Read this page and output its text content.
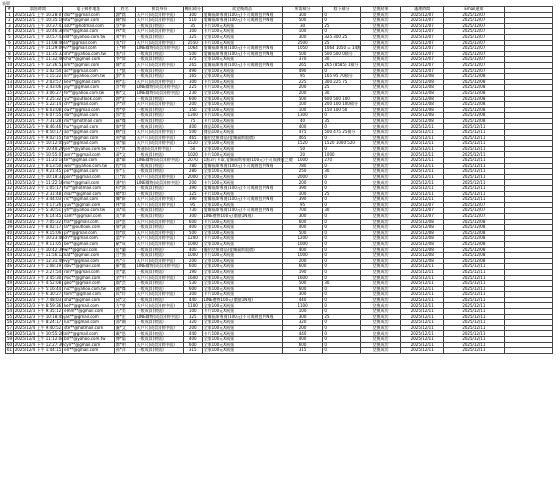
表單
#	填寫時間	電子郵件地址	姓名	會員身份	轉出積分	欲兌換商品	所需積分	餘下積分	兌換結果	處理時間	Email通知	
1	2025/12/1 上午 10:28:07	dxr**@gmail.com	謝*銘	天戶尺(成員)(初中級)	300	愛爾福斯專賣(100元)不可與錢包共N週	300	0	兌換成功	2025/12/07	2025/12/07	
2	2025/12/1 上午 10:35:10	stu**@gmail.com	陳*國	天戶尺(成員)(初中級)	510	愛爾福斯專賣(100元)不可與錢包共N週	500	0	兌換成功	2025/12/07	2025/12/07	
3	2025/12/1 上午 10:37:41	ss0**@hotmail.com	蔡*華	一般成員(初級)	35	卡片100元X兩張	30	25	兌換成功	2025/12/07	2025/12/07	
4	2025/12/1 上午 10:46:38	mi**@gmail.com	林*英	天戶尺(成員)(初中級)	100	卡片100元X兩張	100	0	兌換成功	2025/12/07	2025/12/07	
5	2025/12/1 上午 10:57:43	dd**@yahoo.com.tw	黃*明	一般成員(初級)	325	全家100元X兩張	300	325 300 25	兌換成功	2025/12/07	2025/12/07	
6	2025/12/1 上午 11:08:46	la**@gmail.com	吳*玲	天戶尺(成員)(初中級)	2550	卡片100元X兩張	2500	25	兌換成功	2025/12/07	2025/12/07	
7	2025/12/1 上午 11:29:09	vi**@gmail.com	王*輝	LINE購物(成員)(初中級)	1064	愛爾福斯專賣(100元)不可與錢包共N週	1050	1064 1050 = 14點	兌換成功	2025/12/07	2025/12/07	
8	2025/12/1 上午 11:35:32	shi**@yahoo.com.tw	張*萍	一般成員(初級)	500	愛爾福斯專賣(100元)不可與錢包共N週	500	500 500 0積分	兌換成功	2025/12/07	2025/12/07	
9	2025/12/1 上午 11:32:40	cha**@gmail.com	李*偉	一般成員(初級)	375	全家100元X兩張	370	30	兌換成功	2025/12/07	2025/12/07	
10	2025/12/1 下午 12:36:51	km**@gmail.com	陳*君	天戶尺(成員)(初中級)	265	愛爾福斯專賣(100元)不可與錢包共N週	265	265 (8585) 1積分	兌換成功	2025/12/07	2025/12/07	
11	2025/12/1 下午 1:02:54	ac**@gmail.com	王*凱	一般成員(初級)	490	全家100元X兩張	490	0	兌換成功	2025/12/07	2025/12/07	
12	2025/12/1 下午 1:15:22	lin**@yahoo.com.tw	劉*芳	一般成員(初級)	165	全家100元X兩張	95	165 95 70積分	兌換成功	2025/12/08	2025/12/08	
13	2025/12/1 下午 2:03:57	kev**@gmail.com	楊*志	天戶尺(成員)(初中級)	300	卡片100元X兩張	225	300 225 75	兌換成功	2025/12/08	2025/12/08	
14	2025/12/1 下午 2:43:06	joy**@gmail.com	許*婷	LINE購物(成員)(初中級)	225	卡片100元X兩張	200	25	兌換成功	2025/12/08	2025/12/08	
15	2025/12/1 下午 3:06:27	fe**@yahoo.com.tw	鄭*文	LINE購物(成員)(初中級)	230	全家100元X兩張	200	30	兌換成功	2025/12/08	2025/12/08	
16	2025/12/1 下午 3:25:32	yu**@outlook.com	謝*宏	一般成員(初級)	600	全家100元X兩張	500	600 500 100	兌換成功	2025/12/08	2025/12/08	
17	2025/12/1 下午 5:22:14	ch**@gmail.com	洪*珍	天戶尺(成員)(初中級)	200	全家100元X兩張	100	200 100 100積分	兌換成功	2025/12/08	2025/12/08	
18	2025/12/1 下午 6:03:08	cwi**@gmail.com	曾*豪	一般成員(初級)	150	全家100元X兩張	100	150 100 50	兌換成功	2025/12/08	2025/12/08	
19	2025/12/1 下午 6:07:55	da**@gmail.com	郭*雯	一般成員(初級)	1300	卡片100元X兩張	1300	0	兌換成功	2025/12/08	2025/12/08	
20	2025/12/1 下午 7:31:28	mi**@hotmail.com	蘇*傑	一般成員(初級)	75	卡片100元X兩張	40	35	兌換成功	2025/12/08	2025/12/08	
21	2025/12/1 下午 8:46:46	hu**@gmail.com	廖*慧	一般成員(初級)	400	商品100元X兩張	400	0	兌換成功	2025/12/11	2025/12/11	
22	2025/12/1 下午 8:50:17	an**@gmail.com	賴*達	天戶尺(成員)(初中級)	500	商品100元X兩張	475	500 475 25積分	兌換成功	2025/12/11	2025/12/11	
23	2025/12/1 下午 9:02:15	tin**@gmail.com	周*儀	天戶尺(成員)(初中級)	465	擺拍兌換商品(愛爾福斯限價)	465	0	兌換成功	2025/12/11	2025/12/11	
24	2025/12/1 下午 10:12:05	yo**@gmail.com	葉*倫	天戶尺(成員)(初中級)	1520	全家100元X兩張	1520	1520 1000 520	兌換成功	2025/12/11	2025/12/11	
25	2025/12/1 下午 10:40:29	jen**@yahoo.com.tw	呂*真	普通(成員)(初中級)	50	全家100元X兩張	50	0	兌換成功	2025/12/11	2025/12/11	
26	2025/12/1 下午 10:55:07	ann**@gmail.com	蔣*文	一般成員(初級)	1020	卡片100元X兩張	20	1000	兌換成功	2025/12/11	2025/12/11	
27	2025/12/1 下午 11:21:14	te**@gmail.com	蕭*雄	LINE購物(成員)(初中級)	2070	1點3片卡取,愛爾福斯專賣(100元)不可與錢包之總	1000	270	兌換成功	2025/12/11	2025/12/11	
28	2025/12/2 上午 8:13:50	wei**@yahoo.com.tw	程*翔	一般成員(初級)	780	愛爾福斯專賣(100元)不可與錢包共N週	780	0	兌換成功	2025/12/11	2025/12/11	
29	2025/12/2 上午 9:21:45	pe**@gmail.com	彭*玉	一般成員(初級)	280	全家100元X兩張	250	30	兌換成功	2025/12/11	2025/12/11	
30	2025/12/2 上午 10:18:33	pon**@gmail.com	江*霖	天戶尺(成員)(初中級)	2000	全家100元X兩張	2000	0	兌換成功	2025/12/11	2025/12/11	
31	2025/12/2 上午 11:22:16	mo**@gmail.com	潘*怡	LINE購物(成員)(初中級)	200	卡片100元X兩張	200	0	兌換成功	2025/12/11	2025/12/11	
32	2025/12/2 下午 1:05:17	fu**@hotmail.com	柯*銘	一般成員(初級)	390	愛爾福斯專賣(100元)不可與錢包共N週	390	0	兌換成功	2025/12/11	2025/12/11	
33	2025/12/2 下午 2:31:48	mar**@gmail.com	韓*如	一般成員(初級)	125	卡片100元X兩張	100	25	兌換成功	2025/12/11	2025/12/11	
34	2025/12/2 下午 3:44:03	ric**@gmail.com	龔*新	天戶尺(成員)(初中級)	390	愛爾福斯專賣(100元)不可與錢包共N週	390	0	兌換成功	2025/12/11	2025/12/11	
35	2025/12/2 下午 4:17:26	yuv**@gmail.com	林*偉	天戶尺(成員)(初中級)	95	全家100元X兩張	95	0	兌換成功	2025/12/07	2025/12/07	
36	2025/12/2 下午 5:30:51	yh**@yahoo.com.tw	高*瑤	一般成員(初級)	730	愛爾福斯專賣(100元)不可與錢包共N週	700	30	兌換成功	2025/12/07	2025/12/07	
37	2025/12/2 下午 6:14:45	sam**@gmail.com	吳*華	一般成員(初級)	300	LINE禮物100元(價值1N週)	300	0	兌換成功	2025/12/07	2025/12/07	
38	2025/12/2 下午 7:05:22	fra**@gmail.com	薛*恩	天戶尺(成員)(初中級)	600	卡片100元X兩張	600	0	兌換成功	2025/12/08	2025/12/08	
39	2025/12/2 下午 8:02:17	la**@outlook.com	黎*誠	一般成員(初級)	400	全家100元X兩張	400	0	兌換成功	2025/12/08	2025/12/08	
40	2025/12/2 下午 9:15:06	pi**@gmail.com	陸*欣	天戶尺(成員)(初中級)	500	全家100元X兩張	500	0	兌換成功	2025/12/08	2025/12/08	
41	2025/12/2 下午 10:23:48	ch**@gmail.com	溫*平	天戶尺(成員)(初中級)	1200	卡片100元X兩張	1200	0	兌換成功	2025/12/08	2025/12/08	
42	2025/12/3 上午 9:11:05	be**@gmail.com	歐*成	天戶尺(成員)(初中級)	1000	全家100元X兩張	1000	0	兌換成功	2025/12/08	2025/12/08	
43	2025/12/3 上午 10:42:39	wi**@gmail.com	伍*蘭	一般成員(初級)	400	擺拍兌換商品(愛爾福斯限價)	400	0	兌換成功	2025/12/08	2025/12/08	
44	2025/12/3 上午 11:56:12	kat**@gmail.com	甘*強	一般成員(初級)	1000	卡片100元X兩張	1000	0	兌換成功	2025/12/08	2025/12/08	
45	2025/12/3 下午 12:31:40	ivy**@gmail.com	馬*芬	天戶尺(成員)(初中級)	200	全家100元X兩張	200	0	兌換成功	2025/12/08	2025/12/08	
46	2025/12/3 下午 1:08:19	dav**@gmail.com	羅*龍	LINE購物(成員)(初中級)	600	全家100元X兩張	600	0	兌換成功	2025/12/11	2025/12/11	
47	2025/12/3 下午 2:27:54	ron**@gmail.com	范*惠	一般成員(初級)	190	全家100元X兩張	190	0	兌換成功	2025/12/11	2025/12/11	
48	2025/12/3 下午 3:45:30	mic**@gmail.com	余*中	天戶尺(成員)(初中級)	1600	全家100元X兩張	1600	0	兌換成功	2025/12/11	2025/12/11	
49	2025/12/3 下午 4:52:08	geo**@gmail.com	顏*芸	一般成員(初級)	530	全家100元X兩張	500	30	兌換成功	2025/12/11	2025/12/11	
50	2025/12/3 下午 5:16:44	nic**@yahoo.com.tw	鍾*傑	一般成員(初級)	600	全家100元X兩張	600	0	兌換成功	2025/12/11	2025/12/11	
51	2025/12/3 下午 6:30:27	tom**@gmail.com	侯*玲	天戶尺(成員)(初中級)	300	卡片100元X兩張	300	0	兌換成功	2025/12/11	2025/12/11	
52	2025/12/3 下午 7:48:03	sha**@gmail.com	邱*文	一般成員(初級)	440	LINE禮物100元(價值1N週)	440	0	兌換成功	2025/12/11	2025/12/11	
53	2025/12/3 下午 8:59:36	kel**@gmail.com	方*豪	天戶尺(成員)(初中級)	1100	全家100元X兩張	1100	0	兌換成功	2025/12/11	2025/12/11	
54	2025/12/3 下午 9:35:12	emm**@gmail.com	石*美	一般成員(初級)	100	卡片100元X兩張	100	0	兌換成功	2025/12/11	2025/12/11	
55	2025/12/3 下午 10:18:45	jas**@gmail.com	唐*宏	LINE購物(成員)(初中級)	325	愛爾福斯專賣(100元)不可與錢包共N週	300	25	兌換成功	2025/12/11	2025/12/11	
56	2025/12/4 上午 8:24:17	luc**@gmail.com	湯*珊	一般成員(初級)	320	全家100元X兩張	320	0	兌換成功	2025/12/11	2025/12/11	
57	2025/12/4 上午 9:40:52	ste**@hotmail.com	盧*文	天戶尺(成員)(初中級)	200	全家100元X兩張	200	0	兌換成功	2025/12/11	2025/12/11	
58	2025/12/4 上午 10:55:28	ali**@gmail.com	戴*恩	一般成員(初級)	440	卡片100元X兩張	440	0	兌換成功	2025/12/11	2025/12/11	
59	2025/12/4 上午 11:12:04	bri**@yahoo.com.tw	傅*倫	一般成員(初級)	400	全家100元X兩張	400	0	兌換成功	2025/12/11	2025/12/11	
60	2025/12/4 下午 12:27:39	cyn**@gmail.com	鄧*明	天戶尺(成員)(初中級)	600	全家100元X兩張	600	0	兌換成功	2025/12/11	2025/12/11	
61	2025/12/4 下午 1:44:15	eri**@gmail.com	孫*萍	一般成員(初級)	315	全家100元X兩張	315	0	兌換成功	2025/12/11	2025/12/11	
